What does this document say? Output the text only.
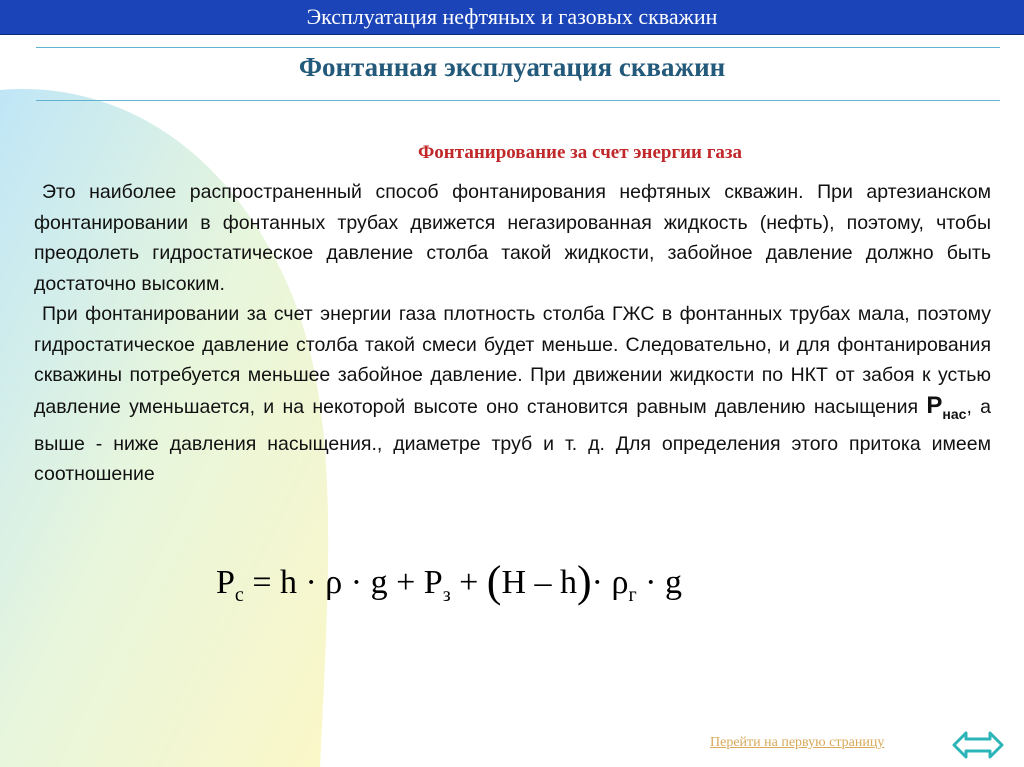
Эксплуатация нефтяных и газовых скважин
Фонтанная эксплуатация скважин
Фонтанирование за счет энергии газа

Это наиболее распространенный способ фонтанирования нефтяных скважин. При артезианском фонтанировании в фонтанных трубах движется негазированная жидкость (нефть), поэтому, чтобы преодолеть гидростатическое давление столба такой жидкости, забойное давление должно быть достаточно высоким.

При фонтанировании за счет энергии газа плотность столба ГЖС в фонтанных трубах мала, поэтому гидростатическое давление столба такой смеси будет меньше. Следовательно, и для фонтанирования скважины потребуется меньшее забойное давление. При движении жидкости по НКТ от забоя к устью давление уменьшается, и на некоторой высоте оно становится равным давлению насыщения $Р_{нас}$, а выше - ниже давления насыщения., диаметре труб и т. д. Для определения этого притока имеем соотношение

$Р_с = h \cdot \rho \cdot g + Р_з + (H - h)\cdot \rho_г \cdot g$
Перейти на первую страницу
